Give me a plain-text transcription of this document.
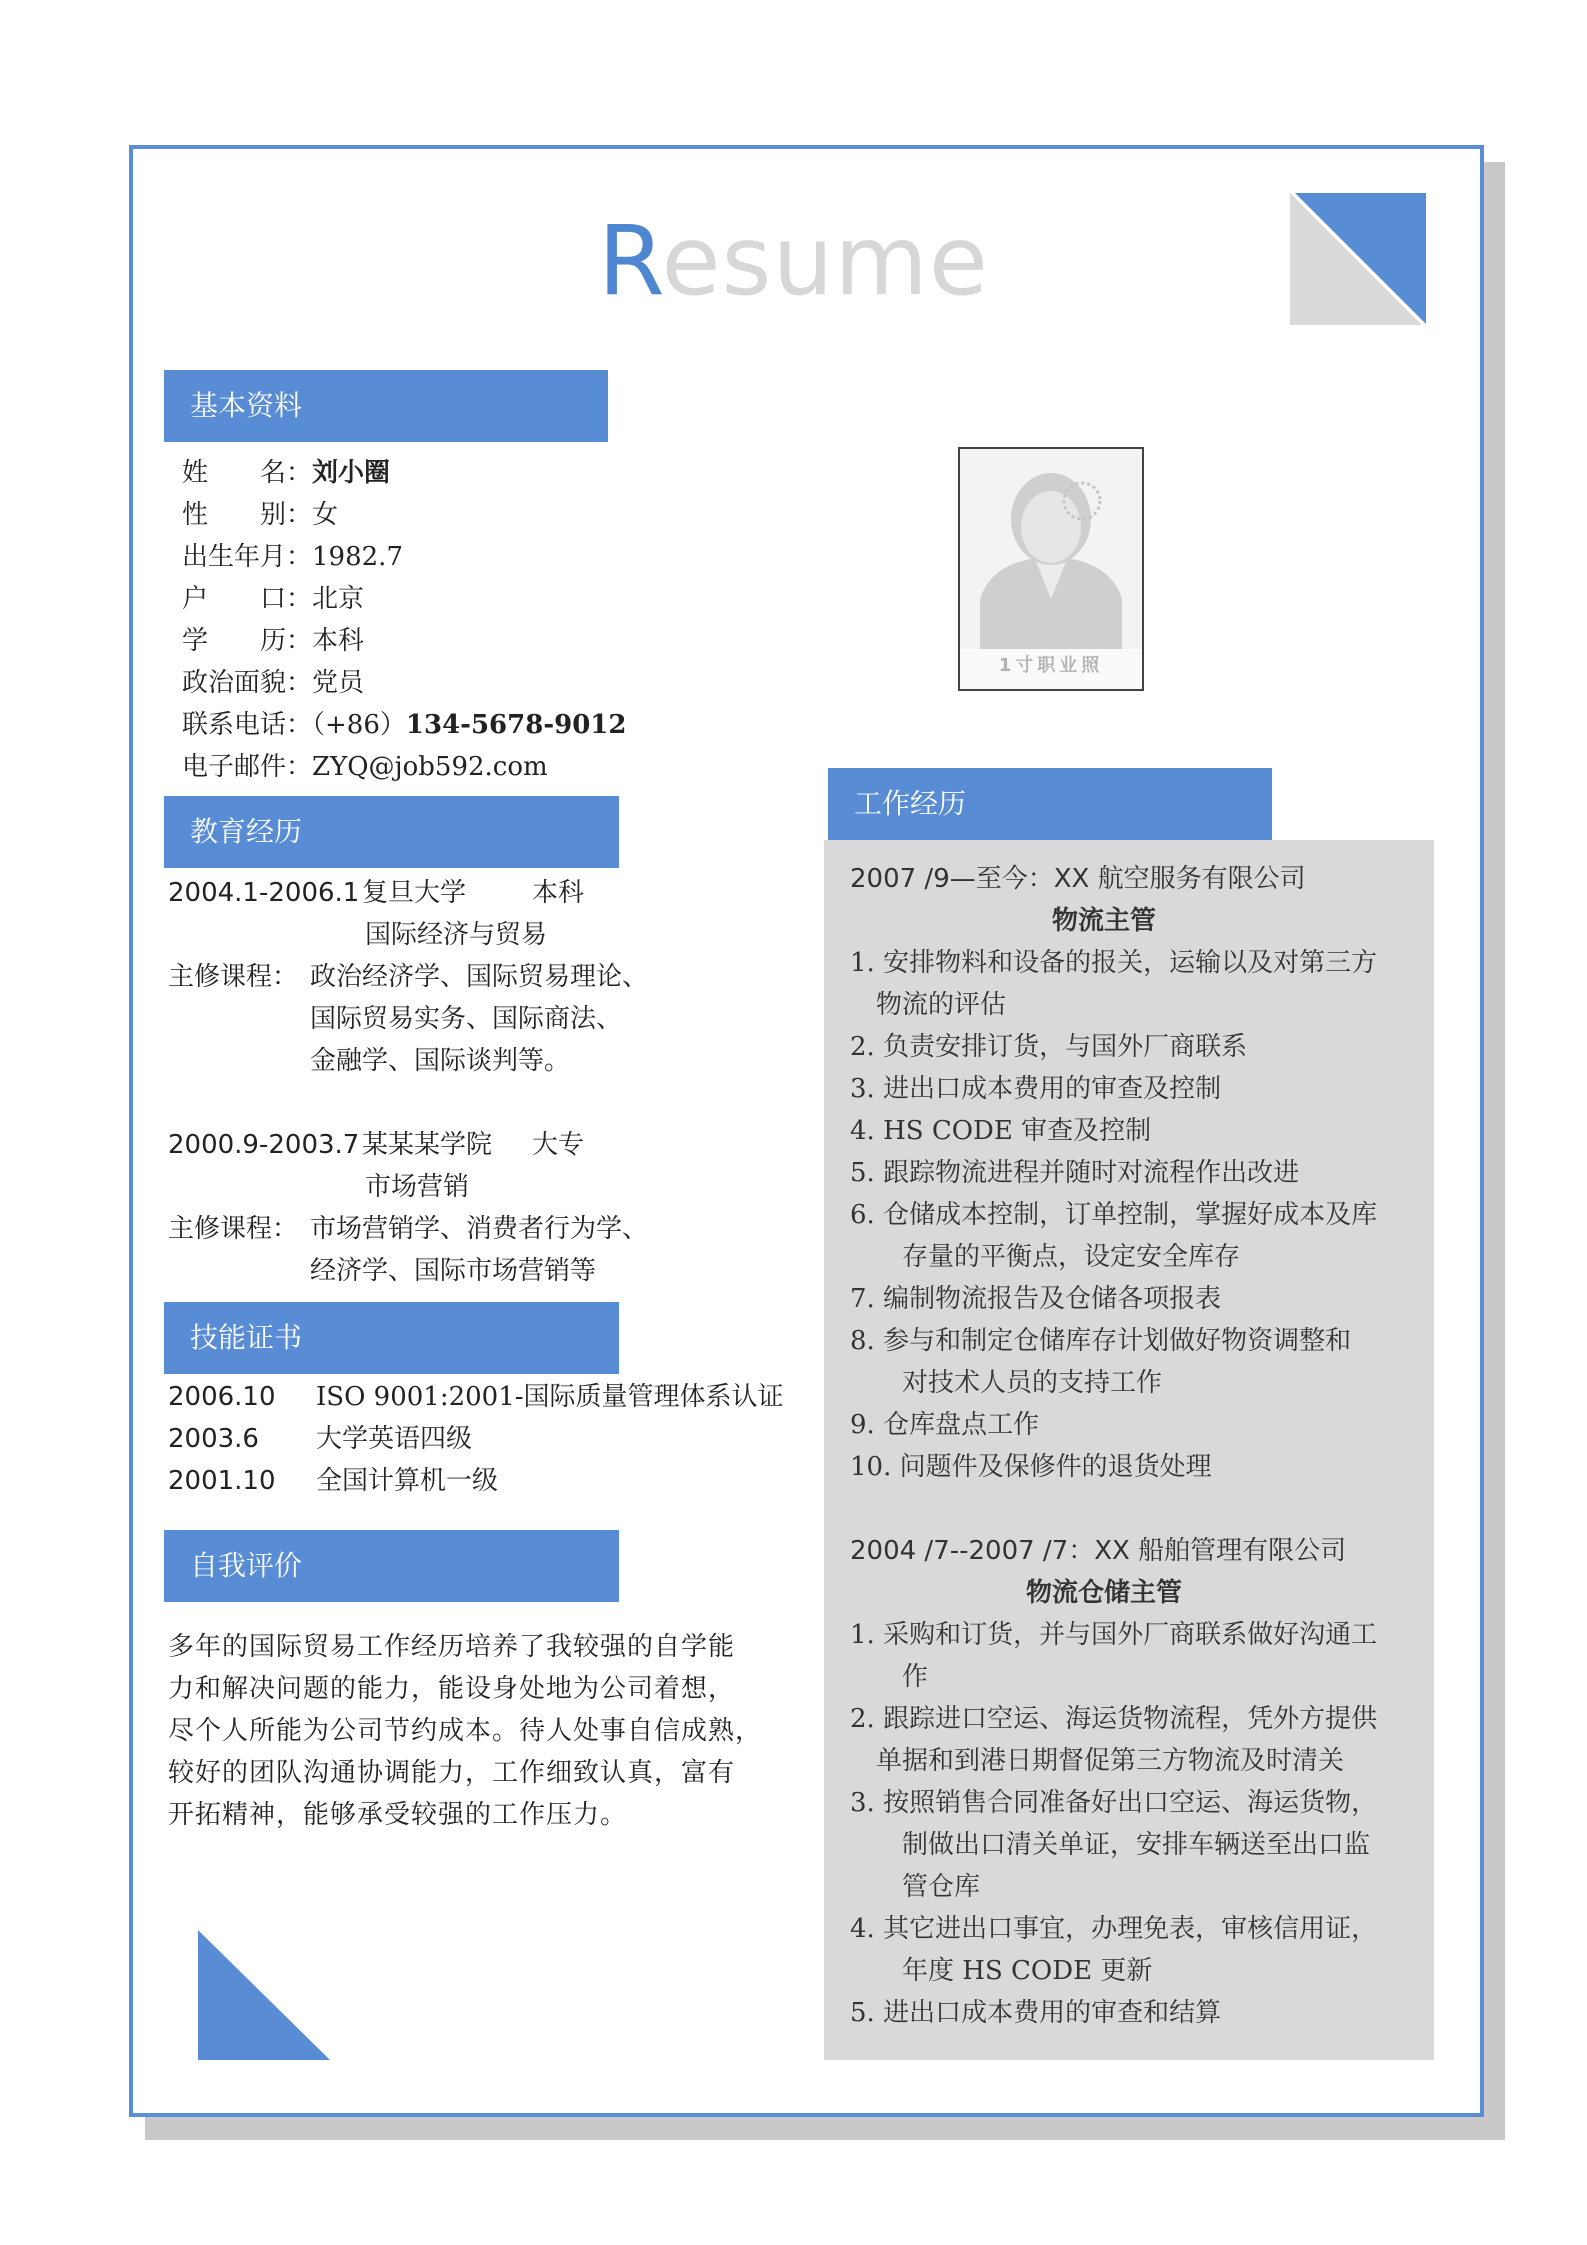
Resume
基本资料
姓　　名：刘小圈
性　　别：女
出生年月：1982.7
户　　口：北京
学　　历：本科
政治面貌：党员
联系电话：（+86）134-5678-9012
电子邮件：ZYQ@job592.com
1寸职业照
教育经历
2004.1-2006.1 复旦大学	本科
国际经济与贸易
主修课程： 政治经济学、国际贸易理论、
国际贸易实务、国际商法、
金融学、国际谈判等。
2000.9-2003.7 某某某学院 大专
市场营销
主修课程： 市场营销学、消费者行为学、
经济学、国际市场营销等
技能证书
2006.10 ISO 9001:2001-国际质量管理体系认证
2003.6 大学英语四级
2001.10 全国计算机一级
自我评价
多年的国际贸易工作经历培养了我较强的自学能
力和解决问题的能力，能设身处地为公司着想，
尽个人所能为公司节约成本。待人处事自信成熟，
较好的团队沟通协调能力，工作细致认真，富有
开拓精神，能够承受较强的工作压力。
工作经历
2007 /9—至今：XX 航空服务有限公司
物流主管
1. 安排物料和设备的报关，运输以及对第三方
　物流的评估
2. 负责安排订货，与国外厂商联系
3. 进出口成本费用的审查及控制
4. HS CODE 审查及控制
5. 跟踪物流进程并随时对流程作出改进
6. 仓储成本控制，订单控制，掌握好成本及库
　　存量的平衡点，设定安全库存
7. 编制物流报告及仓储各项报表
8. 参与和制定仓储库存计划做好物资调整和
　　对技术人员的支持工作
9. 仓库盘点工作
10. 问题件及保修件的退货处理
2004 /7--2007 /7：XX 船舶管理有限公司
物流仓储主管
1. 采购和订货，并与国外厂商联系做好沟通工
　　作
2. 跟踪进口空运、海运货物流程，凭外方提供
　单据和到港日期督促第三方物流及时清关
3. 按照销售合同准备好出口空运、海运货物，
　　制做出口清关单证，安排车辆送至出口监
　　管仓库
4. 其它进出口事宜，办理免表，审核信用证，
　　年度 HS CODE 更新
5. 进出口成本费用的审查和结算
